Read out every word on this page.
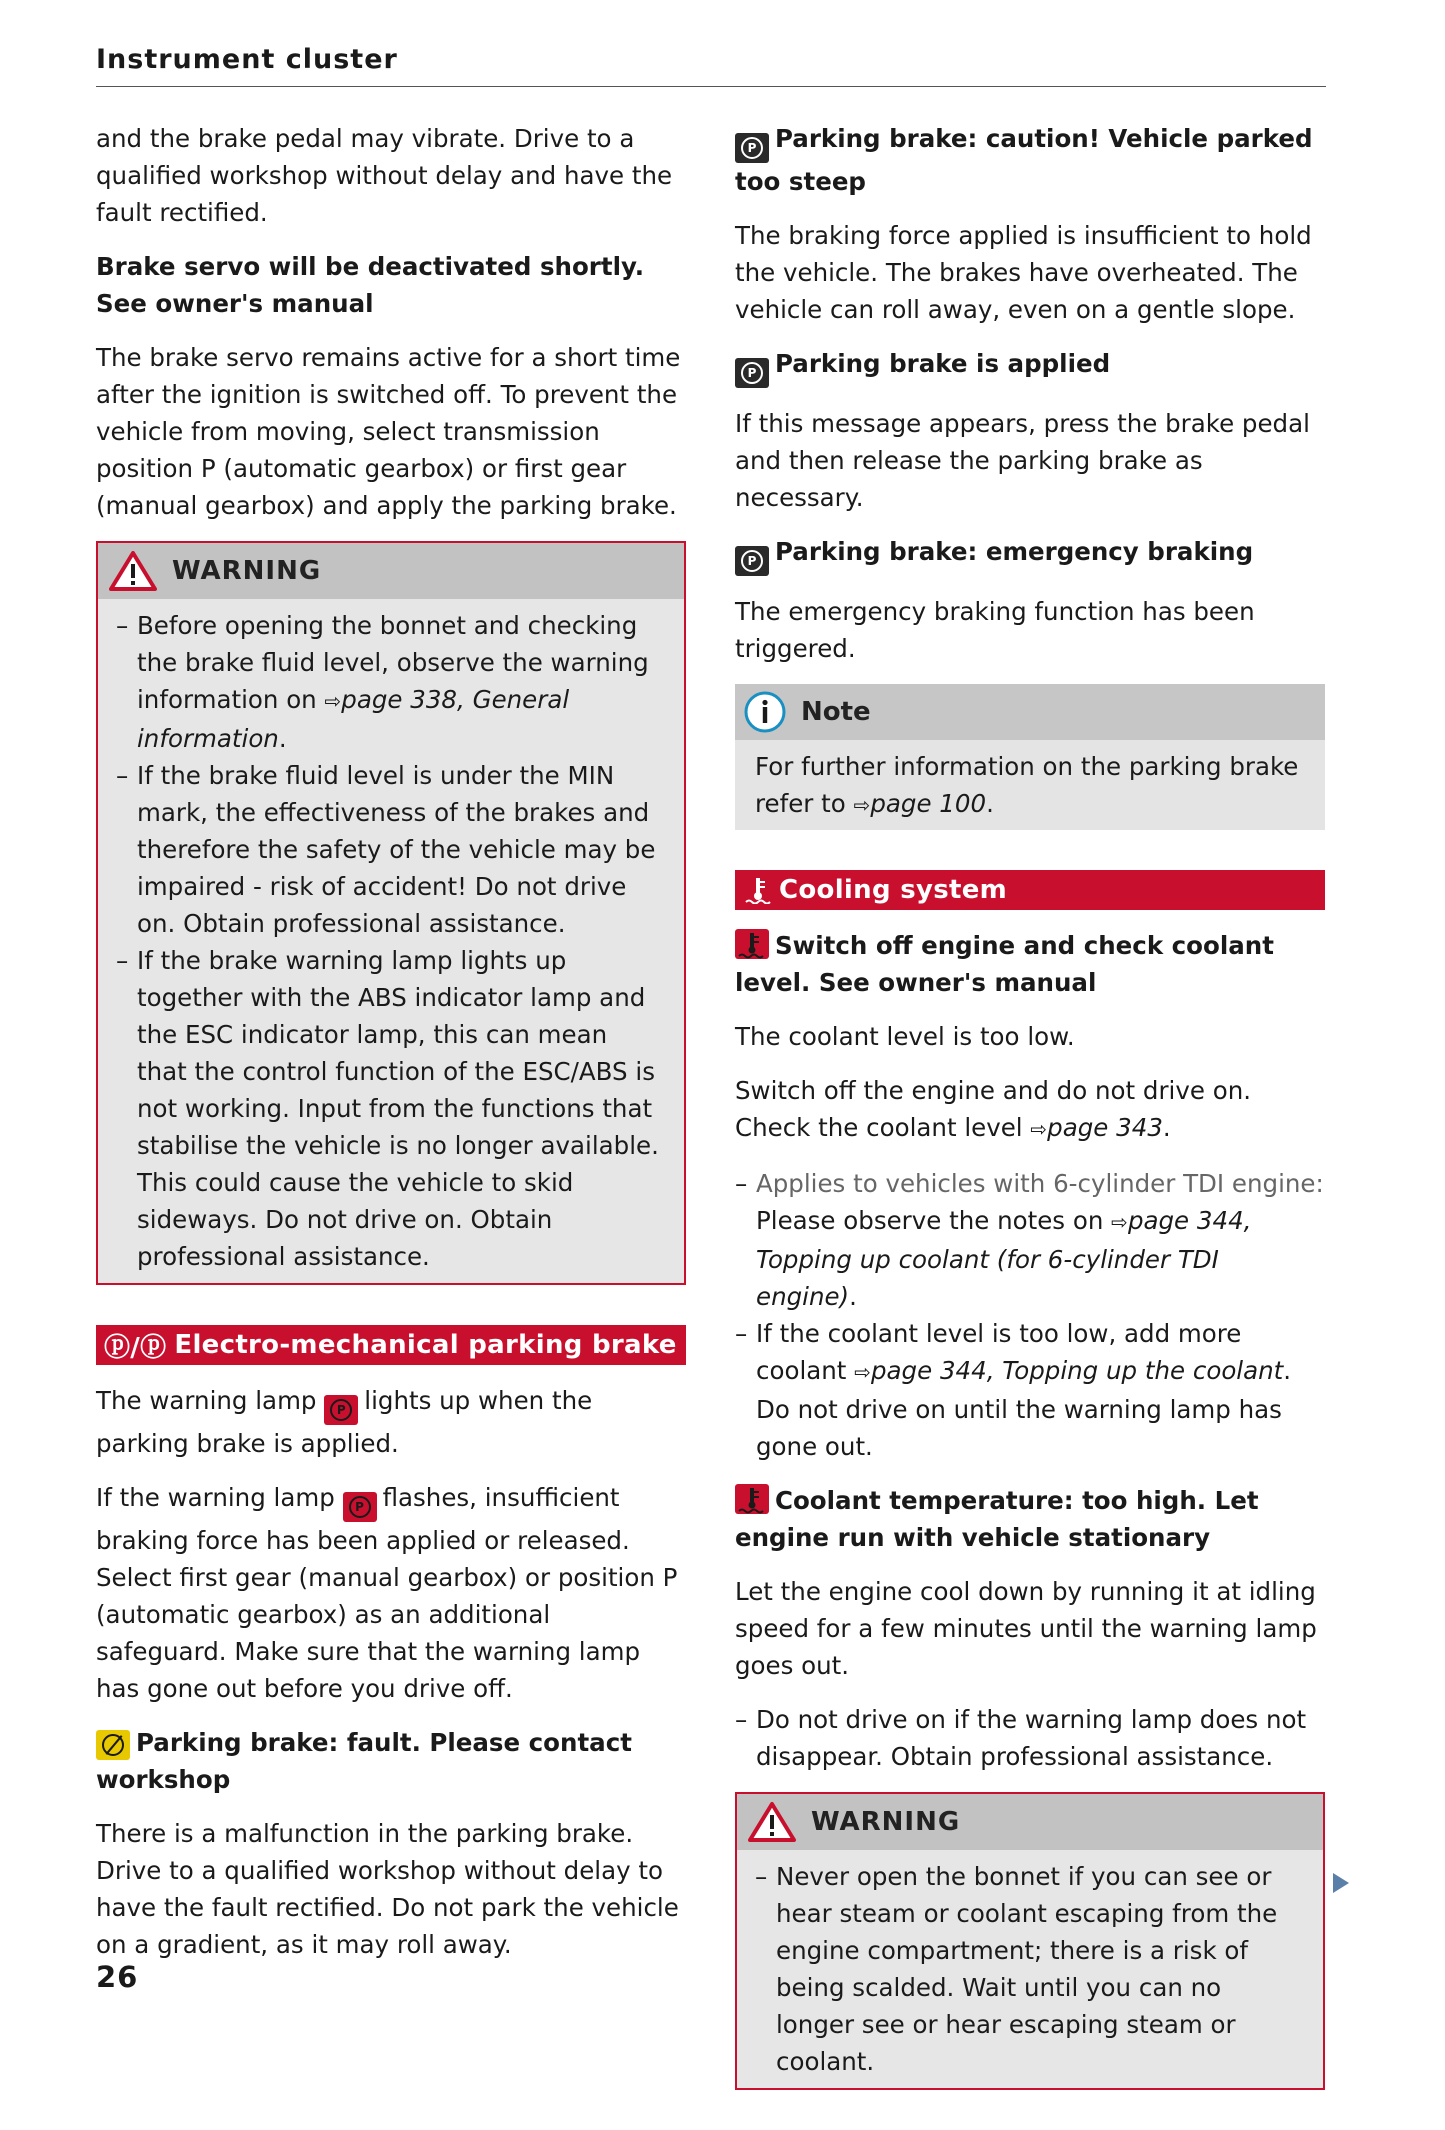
Instrument cluster

and the brake pedal may vibrate. Drive to a qualified workshop without delay and have the fault rectified.

Brake servo will be deactivated shortly. See owner's manual

The brake servo remains active for a short time after the ignition is switched off. To prevent the vehicle from moving, select transmission position P (automatic gearbox) or first gear (manual gearbox) and apply the parking brake.

WARNING
– Before opening the bonnet and checking the brake fluid level, observe the warning information on ⇨page 338, General information.
– If the brake fluid level is under the MIN mark, the effectiveness of the brakes and therefore the safety of the vehicle may be impaired - risk of accident! Do not drive on. Obtain professional assistance.
– If the brake warning lamp lights up together with the ABS indicator lamp and the ESC indicator lamp, this can mean that the control function of the ESC/ABS is not working. Input from the functions that stabilise the vehicle is no longer available. This could cause the vehicle to skid sideways. Do not drive on. Obtain professional assistance.
ⓟ/ⓟ Electro-mechanical parking brake

The warning lamp	P lights up when the parking brake is applied.

If the warning lamp	P flashes, insufficient braking force has been applied or released. Select first gear (manual gearbox) or position P (automatic gearbox) as an additional safeguard. Make sure that the warning lamp has gone out before you drive off.

Parking brake: fault. Please contact workshop

There is a malfunction in the parking brake. Drive to a qualified workshop without delay to have the fault rectified. Do not park the vehicle on a gradient, as it may roll away.

P Parking brake: caution! Vehicle parked too steep

The braking force applied is insufficient to hold the vehicle. The brakes have overheated. The vehicle can roll away, even on a gentle slope.

P Parking brake is applied

If this message appears, press the brake pedal and then release the parking brake as necessary.

P Parking brake: emergency braking

The emergency braking function has been triggered.

Note

For further information on the parking brake refer to ⇨page 100.

Cooling system
Switch off engine and check coolant level. See owner's manual

The coolant level is too low.

Switch off the engine and do not drive on. Check the coolant level ⇨page 343.

– Applies to vehicles with 6-cylinder TDI engine: Please observe the notes on ⇨page 344, Topping up coolant (for 6-cylinder TDI engine).
– If the coolant level is too low, add more coolant ⇨page 344, Topping up the coolant. Do not drive on until the warning lamp has gone out.
Coolant temperature: too high. Let engine run with vehicle stationary

Let the engine cool down by running it at idling speed for a few minutes until the warning lamp goes out.

– Do not drive on if the warning lamp does not disappear. Obtain professional assistance.
WARNING
– Never open the bonnet if you can see or hear steam or coolant escaping from the engine compartment; there is a risk of being scalded. Wait until you can no longer see or hear escaping steam or coolant.
26
